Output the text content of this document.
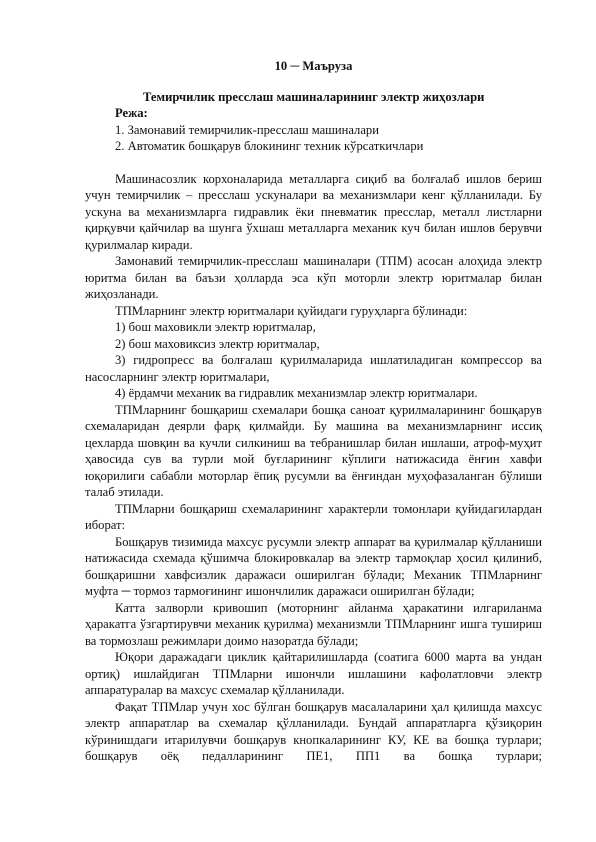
10 ─ Маъруза

Темирчилик пресслаш машиналарининг электр жиҳозлари

Режа:

1. Замонавий темирчилик-пресслаш машиналари

2. Автоматик бошқарув блокининг техник кўрсаткичлари

Машинасозлик корхоналарида металларга сиқиб ва болғалаб ишлов бериш учун темирчилик – пресслаш ускуналари ва механизмлари кенг қўлланилади. Бу ускуна ва механизмларга гидравлик ёки пневматик пресслар, металл листларни қирқувчи қайчилар ва шунга ўхшаш металларга механик куч билан ишлов берувчи қурилмалар киради.

Замонавий темирчилик-пресслаш машиналари (ТПМ) асосан алоҳида электр юритма билан ва баъзи ҳолларда эса кўп моторли электр юритмалар билан жиҳозланади.

ТПМларнинг электр юритмалари қуйидаги гуруҳларга бўлинади:

1) бош маховикли электр юритмалар,

2) бош маховиксиз электр юритмалар,

3) гидропресс ва болғалаш қурилмаларида ишлатиладиган компрессор ва насосларнинг электр юритмалари,

4) ёрдамчи механик ва гидравлик механизмлар электр юритмалари.

ТПМларнинг бошқариш схемалари бошқа саноат қурилмаларининг бошқарув схемаларидан деярли фарқ қилмайди. Бу машина ва механизмларнинг иссиқ цехларда шовқин ва кучли силкиниш ва тебранишлар билан ишлаши, атроф-муҳит ҳавосида сув ва турли мой буғларининг кўплиги натижасида ёнғин хавфи юқорилиги сабабли моторлар ёпиқ русумли ва ёнғиндан муҳофазаланган бўлиши талаб этилади.

ТПМларни бошқариш схемаларининг характерли томонлари қуйидагилардан иборат:

Бошқарув тизимида махсус русумли электр аппарат ва қурилмалар қўлланиши натижасида схемада қўшимча блокировкалар ва электр тармоқлар ҳосил қилиниб, бошқаришни хавфсизлик даражаси оширилган бўлади; Механик ТПМларнинг муфта ─ тормоз тармоғининг ишончлилик даражаси оширилган бўлади;

Катта залворли кривошип (моторнинг айланма ҳаракатини илгариланма ҳаракатга ўзгартирувчи механик қурилма) механизмли ТПМларнинг ишга тушириш ва тормозлаш режимлари доимо назоратда бўлади;

Юқори даражадаги циклик қайтарилишларда (соатига 6000 марта ва ундан ортиқ) ишлайдиган ТПМларни ишончли ишлашини кафолатловчи электр аппаратуралар ва махсус схемалар қўлланилади.

Фақат ТПМлар учун хос бўлган бошқарув масалаларини ҳал қилишда махсус электр аппаратлар ва схемалар қўлланилади. Бундай аппаратларга қўзиқорин кўринишдаги итарилувчи бошқарув кнопкаларининг КУ, КЕ ва бошқа турлари; бошқарув оёқ педалларининг ПЕ1, ПП1 ва бошқа турлари;
